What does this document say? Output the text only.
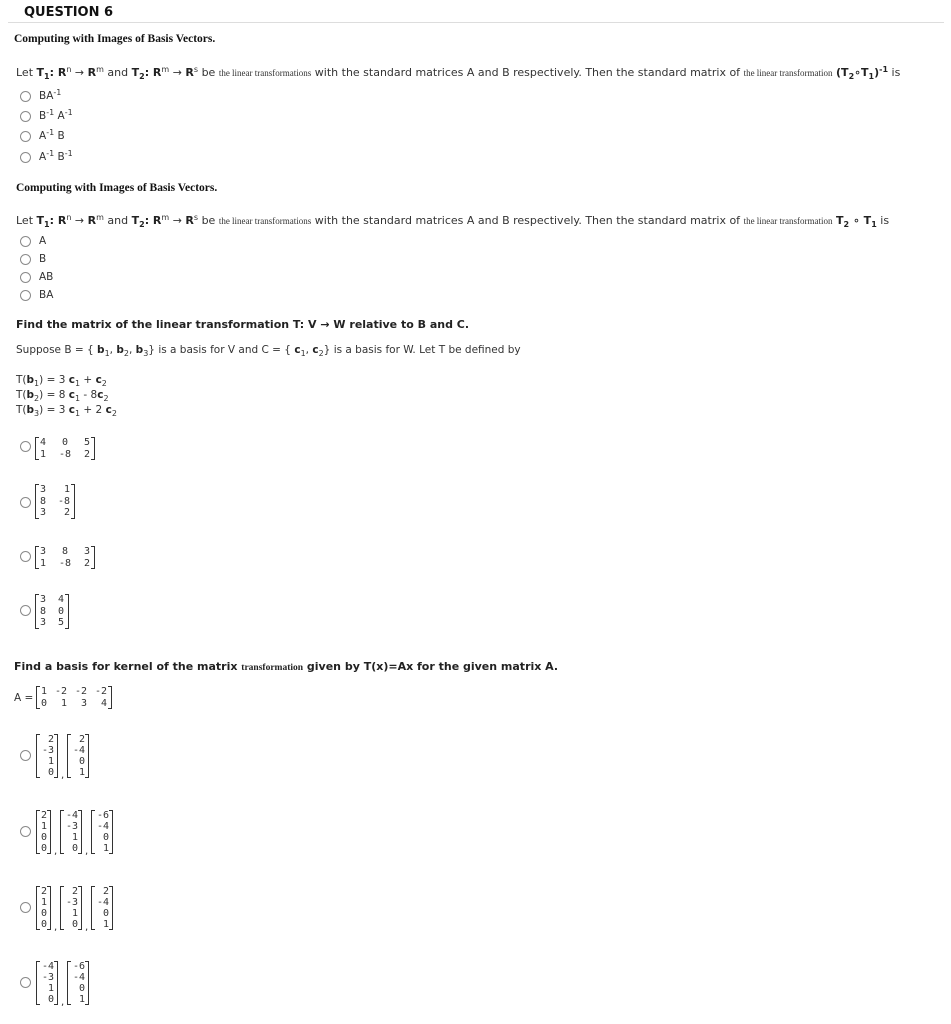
QUESTION 6
Computing with Images of Basis Vectors.
Let $T_1$: $R^n \to R^m$ and $T_2$: $R^m \to R^s$ be the linear transformations with the standard matrices A and B respectively. Then the standard matrix of the linear transformation $(T_2\circ T_1)^{-1}$ is
$BA^{-1}$
$B^{-1}$ $A^{-1}$
$A^{-1}$ B
$A^{-1}$ $B^{-1}$
Computing with Images of Basis Vectors.
Let $T_1$: $R^n \to R^m$ and $T_2$: $R^m \to R^s$ be the linear transformations with the standard matrices A and B respectively. Then the standard matrix of the linear transformation $T_2$ ∘ $T_1$ is
A
B
AB
BA
Find the matrix of the linear transformation T: V → W relative to B and C.
Suppose B = { $b_1$, $b_2$, $b_3$} is a basis for V and C = { $c_1$, $c_2$} is a basis for W. Let T be defined by
$T(b_1) = 3$ $c_1 + c_2$
$T(b_2) = 8$ $c_1 - 8c_2$
$T(b_3) = 3$ $c_1 + 2$ $c_2$
4 0 5
1 -8 2
3 1
8 -8
3 2
3 8 3
1 -8 2
3 4
8 0
3 5
Find a basis for kernel of the matrix transformation given by T(x)=Ax for the given matrix A.
A =
1 -2 -2 -2
0 1 3 4
2
-3
1
0 ,
2
-4
0
1
2
1
0
0 ,
-4
-3
1
0 ,
-6
-4
0
1
2
1
0
0 ,
2
-3
1
0 ,
2
-4
0
1
-4
-3
1
0 ,
-6
-4
0
1
